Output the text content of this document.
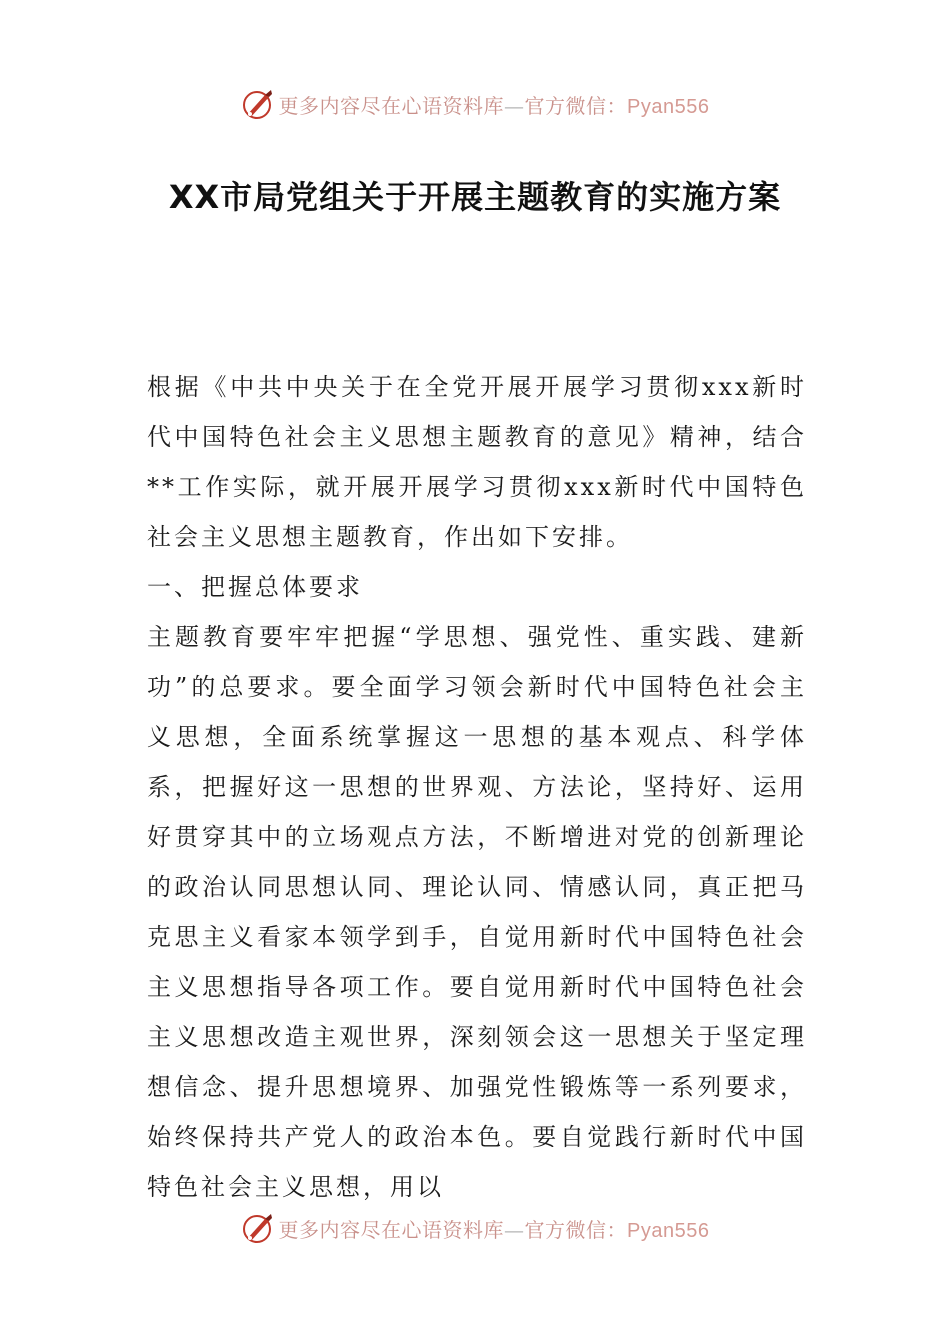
更多内容尽在心语资料库—官方微信：Pyan556
XX市局党组关于开展主题教育的实施方案

根据《中共中央关于在全党开展开展学习贯彻xxx新时代中国特色社会主义思想主题教育的意见》精神，结合**工作实际，就开展开展学习贯彻xxx新时代中国特色社会主义思想主题教育，作出如下安排。

一、把握总体要求

主题教育要牢牢把握“学思想、强党性、重实践、建新功”的总要求。要全面学习领会新时代中国特色社会主义思想，全面系统掌握这一思想的基本观点、科学体系，把握好这一思想的世界观、方法论，坚持好、运用好贯穿其中的立场观点方法，不断增进对党的创新理论的政治认同思想认同、理论认同、情感认同，真正把马克思主义看家本领学到手，自觉用新时代中国特色社会主义思想指导各项工作。要自觉用新时代中国特色社会主义思想改造主观世界，深刻领会这一思想关于坚定理想信念、提升思想境界、加强党性锻炼等一系列要求，始终保持共产党人的政治本色。要自觉践行新时代中国特色社会主义思想，用以

更多内容尽在心语资料库—官方微信：Pyan556
